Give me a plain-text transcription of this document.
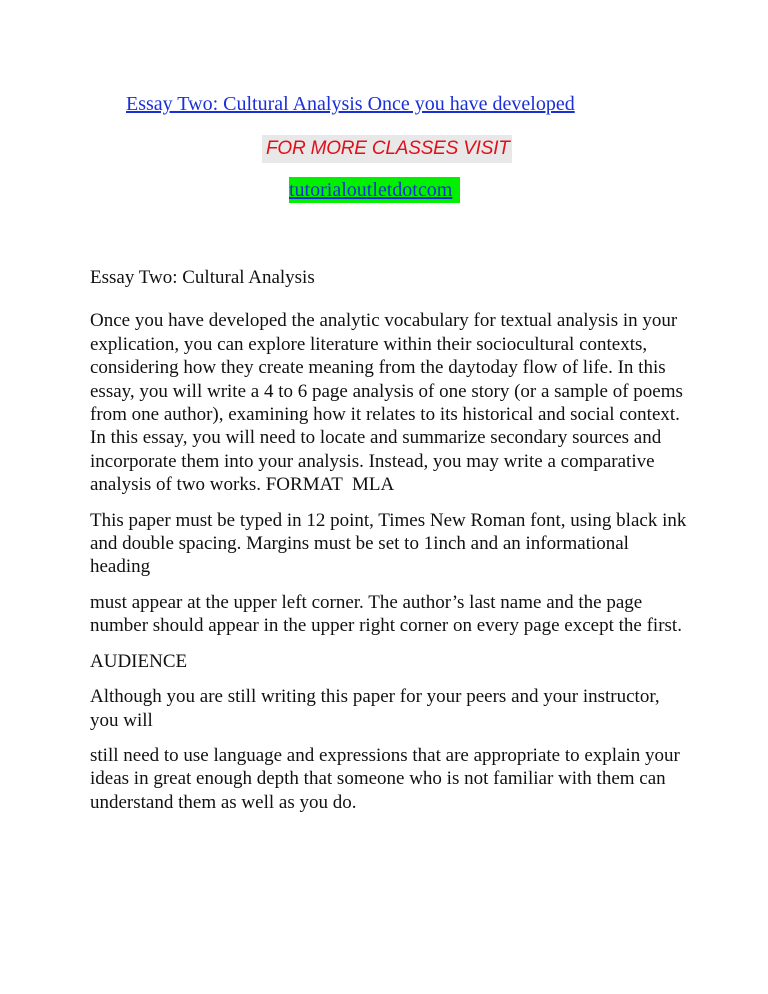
Essay Two: Cultural Analysis Once you have developed
FOR MORE CLASSES VISIT
tutorialoutletdotcom

Essay Two: Cultural Analysis

Once you have developed the analytic vocabulary for textual analysis in your explication, you can explore literature within their sociocultural contexts, considering how they create meaning from the daytoday flow of life. In this essay, you will write a 4 to 6 page analysis of one story (or a sample of poems from one author), examining how it relates to its historical and social context. In this essay, you will need to locate and summarize secondary sources and incorporate them into your analysis. Instead, you may write a comparative analysis of two works. FORMAT  MLA

This paper must be typed in 12 point, Times New Roman font, using black ink and double spacing. Margins must be set to 1inch and an informational heading

must appear at the upper left corner. The author’s last name and the page number should appear in the upper right corner on every page except the first.

AUDIENCE

Although you are still writing this paper for your peers and your instructor, you will

still need to use language and expressions that are appropriate to explain your ideas in great enough depth that someone who is not familiar with them can understand them as well as you do.
